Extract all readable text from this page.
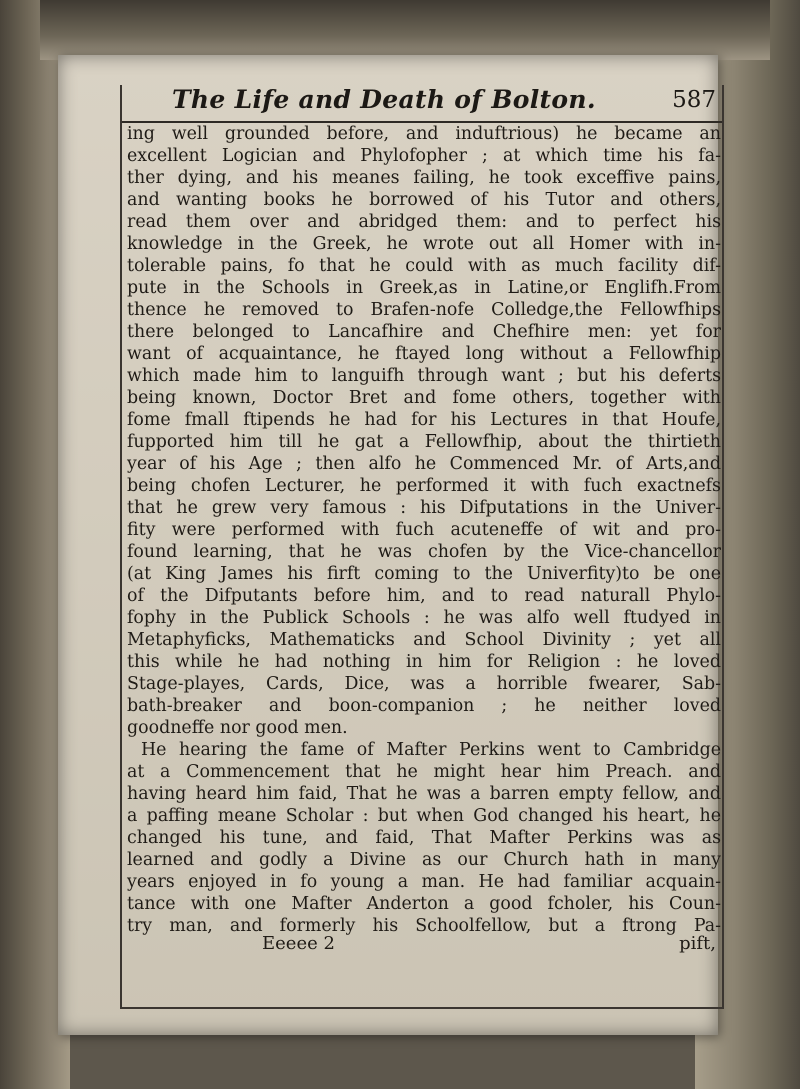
The Life and Death of Bolton.	587
ing well grounded before, and induftrious) he became an
excellent Logician and Phylofopher ; at which time his fa-
ther dying, and his meanes failing, he took exceffive pains,
and wanting books he borrowed of his Tutor and others,
read them over and abridged them: and to perfect his
knowledge in the Greek, he wrote out all Homer with in-
tolerable pains, fo that he could with as much facility dif-
pute in the Schools in Greek,as in Latine,or Englifh.From
thence he removed to Brafen-nofe Colledge,the Fellowfhips
there belonged to Lancafhire and Chefhire men: yet for
want of acquaintance, he ftayed long without a Fellowfhip
which made him to languifh through want ; but his deferts
being known, Doctor Bret and fome others, together with
fome fmall ftipends he had for his Lectures in that Houfe,
fupported him till he gat a Fellowfhip, about the thirtieth
year of his Age ; then alfo he Commenced Mr. of Arts,and
being chofen Lecturer, he performed it with fuch exactnefs
that he grew very famous : his Difputations in the Univer-
fity were performed with fuch acuteneffe of wit and pro-
found learning, that he was chofen by the Vice-chancellor
(at King James his firft coming to the Univerfity)to be one
of the Difputants before him, and to read naturall Phylo-
fophy in the Publick Schools : he was alfo well ftudyed in
Metaphyficks, Mathematicks and School Divinity ; yet all
this while he had nothing in him for Religion : he loved
Stage-playes, Cards, Dice, was a horrible fwearer, Sab-
bath-breaker and boon-companion ; he neither loved
goodneffe nor good men.
He hearing the fame of Mafter Perkins went to Cambridge
at a Commencement that he might hear him Preach. and
having heard him faid, That he was a barren empty fellow, and
a paffing meane Scholar : but when God changed his heart, he
changed his tune, and faid, That Mafter Perkins was as
learned and godly a Divine as our Church hath in many
years enjoyed in fo young a man. He had familiar acquain-
tance with one Mafter Anderton a good fcholer, his Coun-
try man, and formerly his Schoolfellow, but a ftrong Pa-
Eeeee 2	pift,
